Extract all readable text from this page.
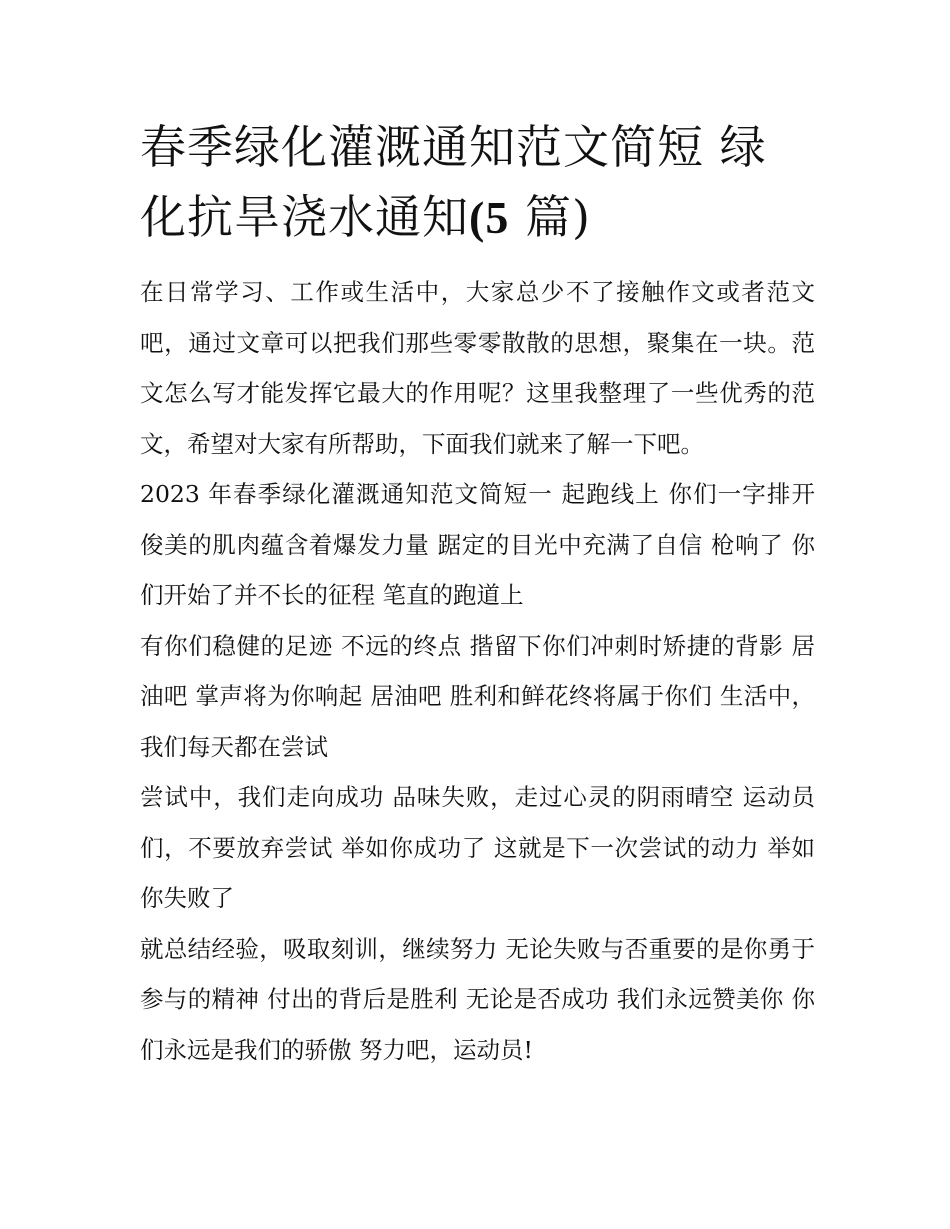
春季绿化灌溉通知范文简短 绿
化抗旱浇水通知(5 篇)

在日常学习、工作或生活中，大家总少不了接触作文或者范文吧，通过文章可以把我们那些零零散散的思想，聚集在一块。范文怎么写才能发挥它最大的作用呢？这里我整理了一些优秀的范文，希望对大家有所帮助，下面我们就来了解一下吧。

2023 年春季绿化灌溉通知范文简短一 起跑线上 你们一字排开 俊美的肌肉蕴含着爆发力量 踞定的目光中充满了自信 枪响了 你们开始了并不长的征程 笔直的跑道上

有你们稳健的足迹 不远的终点 揩留下你们冲刺时矫捷的背影 居油吧 掌声将为你响起 居油吧 胜利和鲜花终将属于你们 生活中，我们每天都在尝试

尝试中，我们走向成功 品味失败，走过心灵的阴雨晴空 运动员们，不要放弃尝试 举如你成功了 这就是下一次尝试的动力 举如你失败了

就总结经验，吸取刻训，继续努力 无论失败与否重要的是你勇于参与的精神 付出的背后是胜利 无论是否成功 我们永远赞美你 你们永远是我们的骄傲 努力吧，运动员!
